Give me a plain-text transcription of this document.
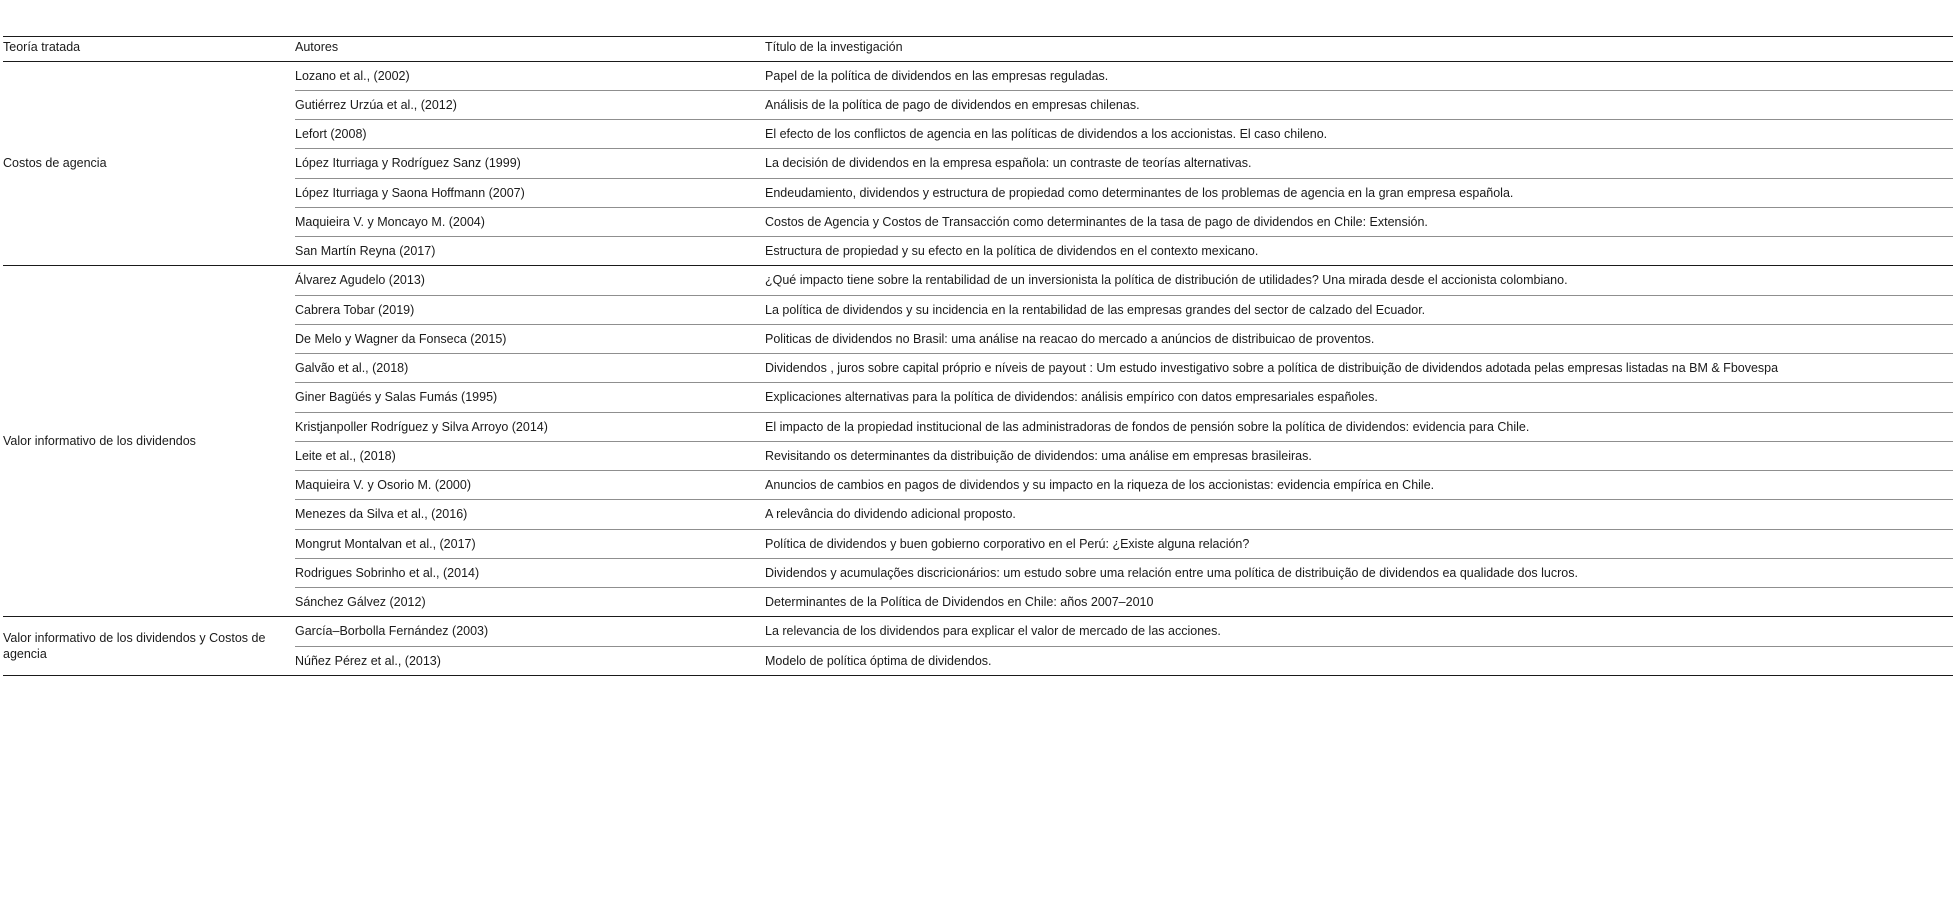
Teoría tratada	Autores	Título de la investigación
Costos de agencia	Lozano et al., (2002)	Papel de la política de dividendos en las empresas reguladas.
	Gutiérrez Urzúa et al., (2012)	Análisis de la política de pago de dividendos en empresas chilenas.
	Lefort (2008)	El efecto de los conflictos de agencia en las políticas de dividendos a los accionistas. El caso chileno.
	López Iturriaga y Rodríguez Sanz (1999)	La decisión de dividendos en la empresa española: un contraste de teorías alternativas.
	López Iturriaga y Saona Hoffmann (2007)	Endeudamiento, dividendos y estructura de propiedad como determinantes de los problemas de agencia en la gran empresa española.
	Maquieira V. y Moncayo M. (2004)	Costos de Agencia y Costos de Transacción como determinantes de la tasa de pago de dividendos en Chile: Extensión.
	San Martín Reyna (2017)	Estructura de propiedad y su efecto en la política de dividendos en el contexto mexicano.
Valor informativo de los dividendos	Álvarez Agudelo (2013)	¿Qué impacto tiene sobre la rentabilidad de un inversionista la política de distribución de utilidades? Una mirada desde el accionista colombiano.
	Cabrera Tobar (2019)	La política de dividendos y su incidencia en la rentabilidad de las empresas grandes del sector de calzado del Ecuador.
	De Melo y Wagner da Fonseca (2015)	Politicas de dividendos no Brasil: uma análise na reacao do mercado a anúncios de distribuicao de proventos.
	Galvão et al., (2018)	Dividendos , juros sobre capital próprio e níveis de payout : Um estudo investigativo sobre a política de distribuição de dividendos adotada pelas empresas listadas na BM & Fbovespa
	Giner Bagüés y Salas Fumás (1995)	Explicaciones alternativas para la política de dividendos: análisis empírico con datos empresariales españoles.
	Kristjanpoller Rodríguez y Silva Arroyo (2014)	El impacto de la propiedad institucional de las administradoras de fondos de pensión sobre la política de dividendos: evidencia para Chile.
	Leite et al., (2018)	Revisitando os determinantes da distribuição de dividendos: uma análise em empresas brasileiras.
	Maquieira V. y Osorio M. (2000)	Anuncios de cambios en pagos de dividendos y su impacto en la riqueza de los accionistas: evidencia empírica en Chile.
	Menezes da Silva et al., (2016)	A relevância do dividendo adicional proposto.
	Mongrut Montalvan et al., (2017)	Política de dividendos y buen gobierno corporativo en el Perú: ¿Existe alguna relación?
	Rodrigues Sobrinho et al., (2014)	Dividendos y acumulações discricionários: um estudo sobre uma relación entre uma política de distribuição de dividendos ea qualidade dos lucros.
	Sánchez Gálvez (2012)	Determinantes de la Política de Dividendos en Chile: años 2007–2010
Valor informativo de los dividendos y Costos de agencia	García–Borbolla Fernández (2003)	La relevancia de los dividendos para explicar el valor de mercado de las acciones.
	Núñez Pérez et al., (2013)	Modelo de política óptima de dividendos.
